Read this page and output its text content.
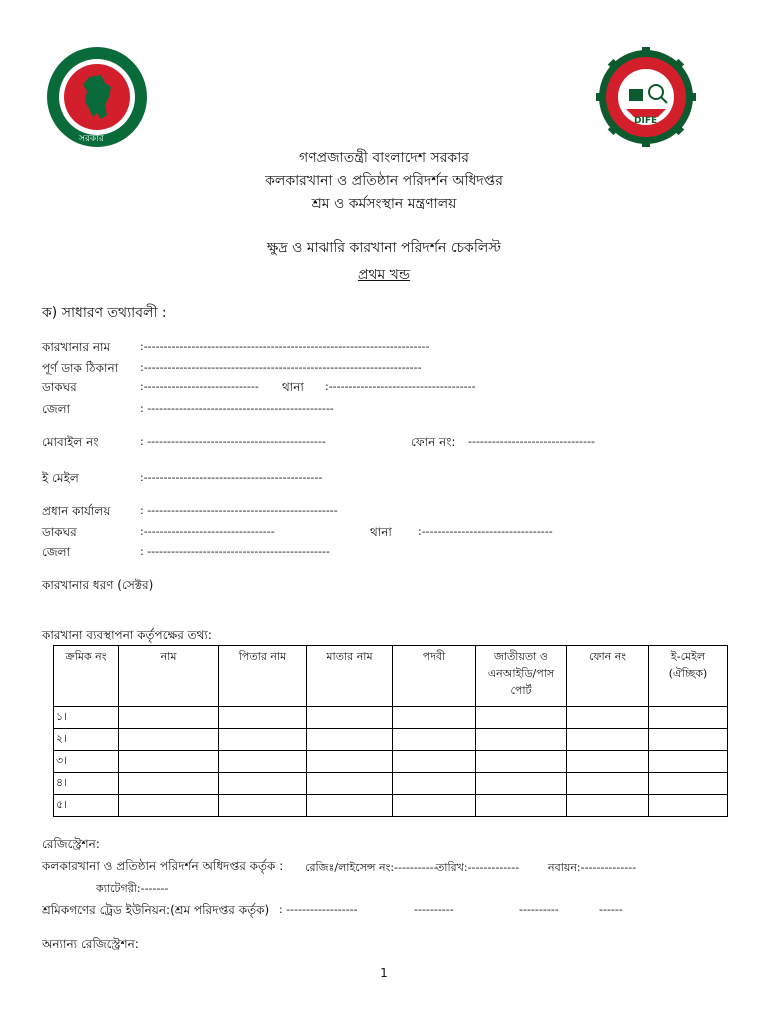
সরকার
DIFE
গণপ্রজাতন্ত্রী বাংলাদেশ সরকার
কলকারখানা ও প্রতিষ্ঠান পরিদর্শন অধিদপ্তর
শ্রম ও কর্মসংস্থান মন্ত্রণালয়
ক্ষুদ্র ও মাঝারি কারখানা পরিদর্শন চেকলিস্ট
প্রথম খন্ড
ক) সাধারণ তথ্যাবলী :
কারখানার নাম	:------------------------------------------------------------------------
পূর্ণ ডাক ঠিকানা :----------------------------------------------------------------------
ডাকঘর	:----------------------------- থানা :-------------------------------------
জেলা	: -----------------------------------------------
মোবাইল নং	: ---------------------------------------------	ফোন নং: --------------------------------
ই মেইল	:---------------------------------------------
প্রধান কার্যালয়	: ------------------------------------------------
ডাকঘর	:---------------------------------	থানা :---------------------------------
জেলা	: ----------------------------------------------
কারখানার ধরণ (সেক্টর)
কারখানা ব্যবস্থাপনা কর্তৃপক্ষের তথ্য:
ক্রমিক নং	নাম	পিতার নাম	মাতার নাম	পদবী	জাতীয়তা ও এনআইডি/পাস পোর্ট	ফোন নং	ই-মেইল (ঐচ্ছিক)
১।							
২।							
৩।							
৪।							
৫।							
রেজিস্ট্রেশন:
কলকারখানা ও প্রতিষ্ঠান পরিদর্শন অধিদপ্তর কর্তৃক : রেজিঃ/লাইসেন্স নং:-----------
তারিখ:-------------	নবায়ন:--------------
ক্যাটেগরী:-------
শ্রমিকগণের ট্রেড ইউনিয়ন:(শ্রম পরিদপ্তর কর্তৃক) : ------------------	----------	----------	------
অন্যান্য রেজিস্ট্রেশন:
1
